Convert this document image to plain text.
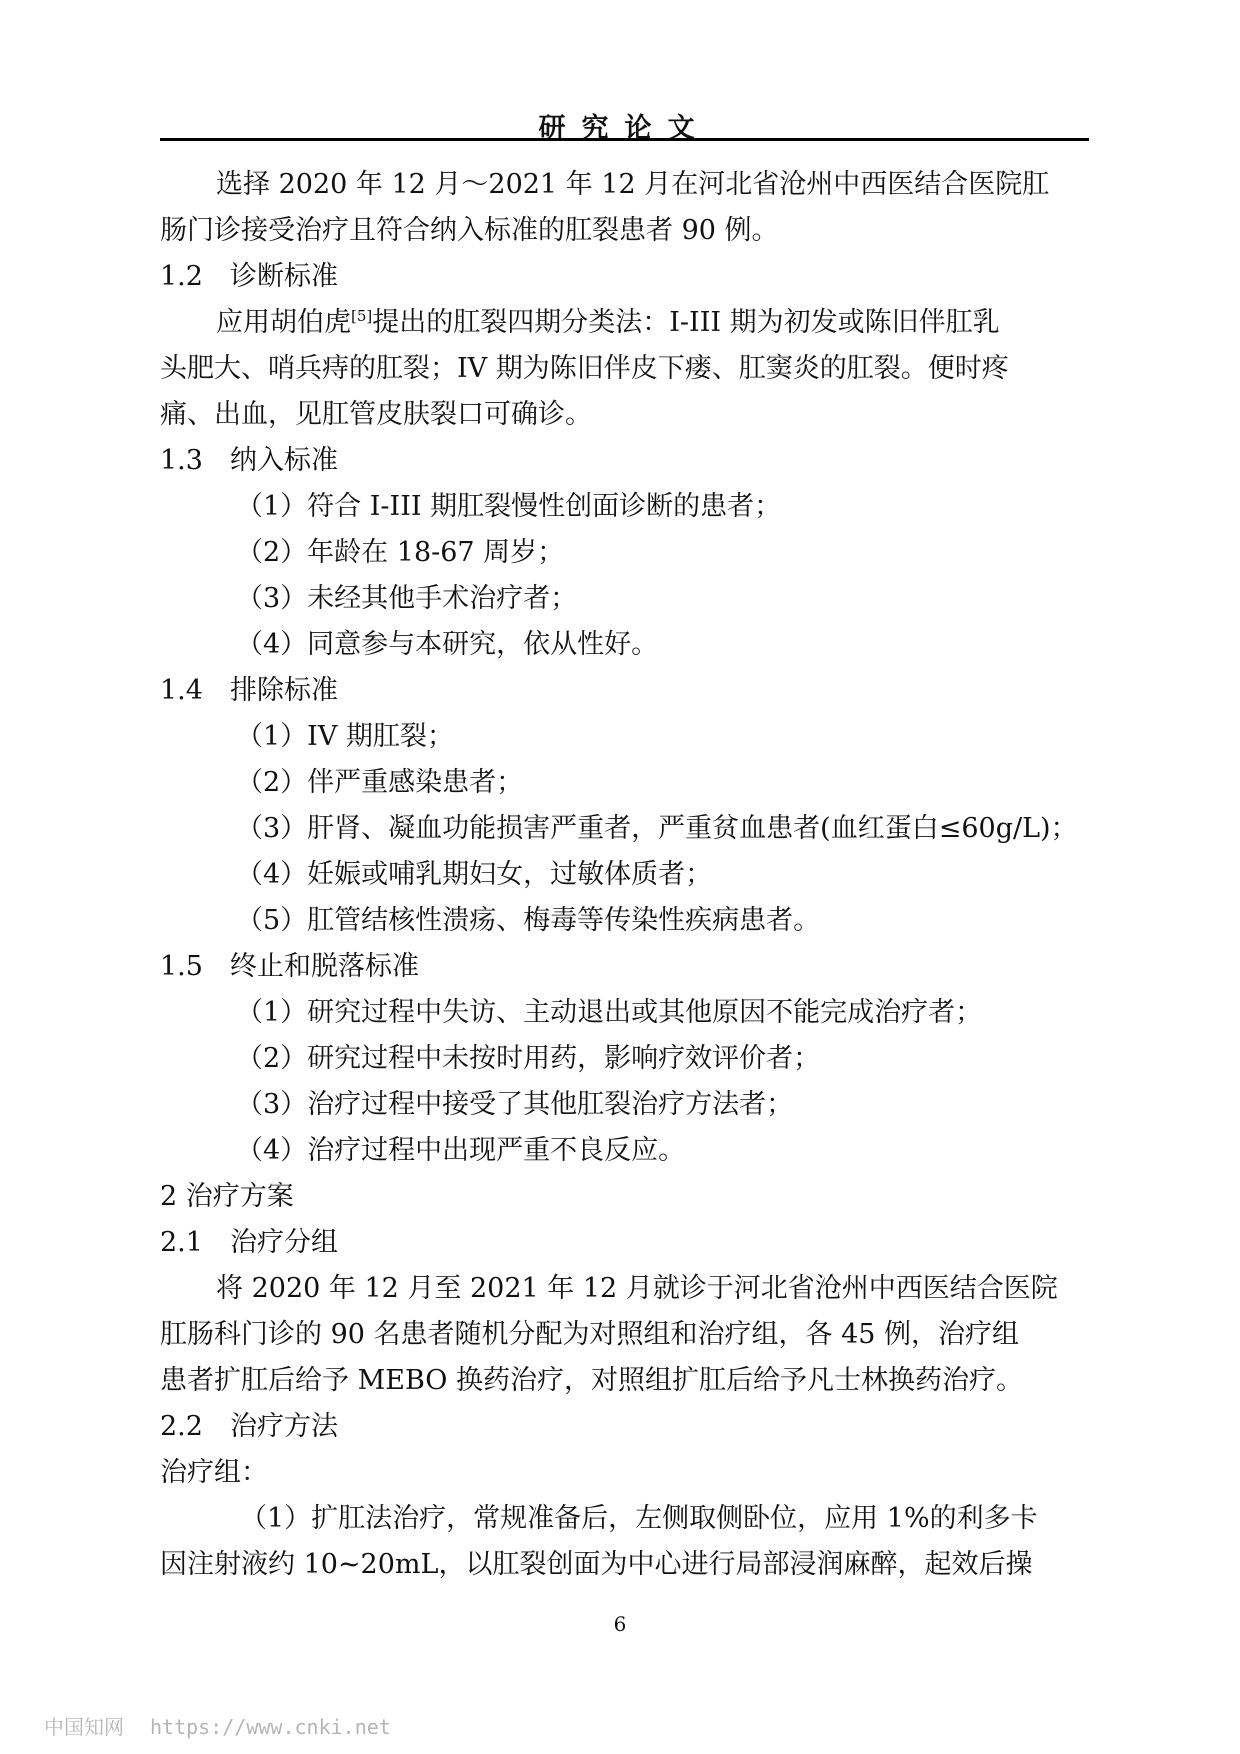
研究论文

选择 2020 年 12 月～2021 年 12 月在河北省沧州中西医结合医院肛

肠门诊接受治疗且符合纳入标准的肛裂患者 90 例。

1.2　诊断标准

应用胡伯虎[5]提出的肛裂四期分类法：I-III 期为初发或陈旧伴肛乳

头肥大、哨兵痔的肛裂；IV 期为陈旧伴皮下瘘、肛窦炎的肛裂。便时疼

痛、出血，见肛管皮肤裂口可确诊。

1.3　纳入标准

（1）符合 I-III 期肛裂慢性创面诊断的患者；

（2）年龄在 18-67 周岁；

（3）未经其他手术治疗者；

（4）同意参与本研究，依从性好。

1.4　排除标准

（1）IV 期肛裂；

（2）伴严重感染患者；

（3）肝肾、凝血功能损害严重者，严重贫血患者(血红蛋白≤60g/L)；

（4）妊娠或哺乳期妇女，过敏体质者；

（5）肛管结核性溃疡、梅毒等传染性疾病患者。

1.5　终止和脱落标准

（1）研究过程中失访、主动退出或其他原因不能完成治疗者；

（2）研究过程中未按时用药，影响疗效评价者；

（3）治疗过程中接受了其他肛裂治疗方法者；

（4）治疗过程中出现严重不良反应。

2 治疗方案

2.1　治疗分组

将 2020 年 12 月至 2021 年 12 月就诊于河北省沧州中西医结合医院

肛肠科门诊的 90 名患者随机分配为对照组和治疗组，各 45 例，治疗组

患者扩肛后给予 MEBO 换药治疗，对照组扩肛后给予凡士林换药治疗。

2.2　治疗方法

治疗组：

（1）扩肛法治疗，常规准备后，左侧取侧卧位，应用 1%的利多卡

因注射液约 10~20mL，以肛裂创面为中心进行局部浸润麻醉，起效后操

6
中国知网 https://www.cnki.net
